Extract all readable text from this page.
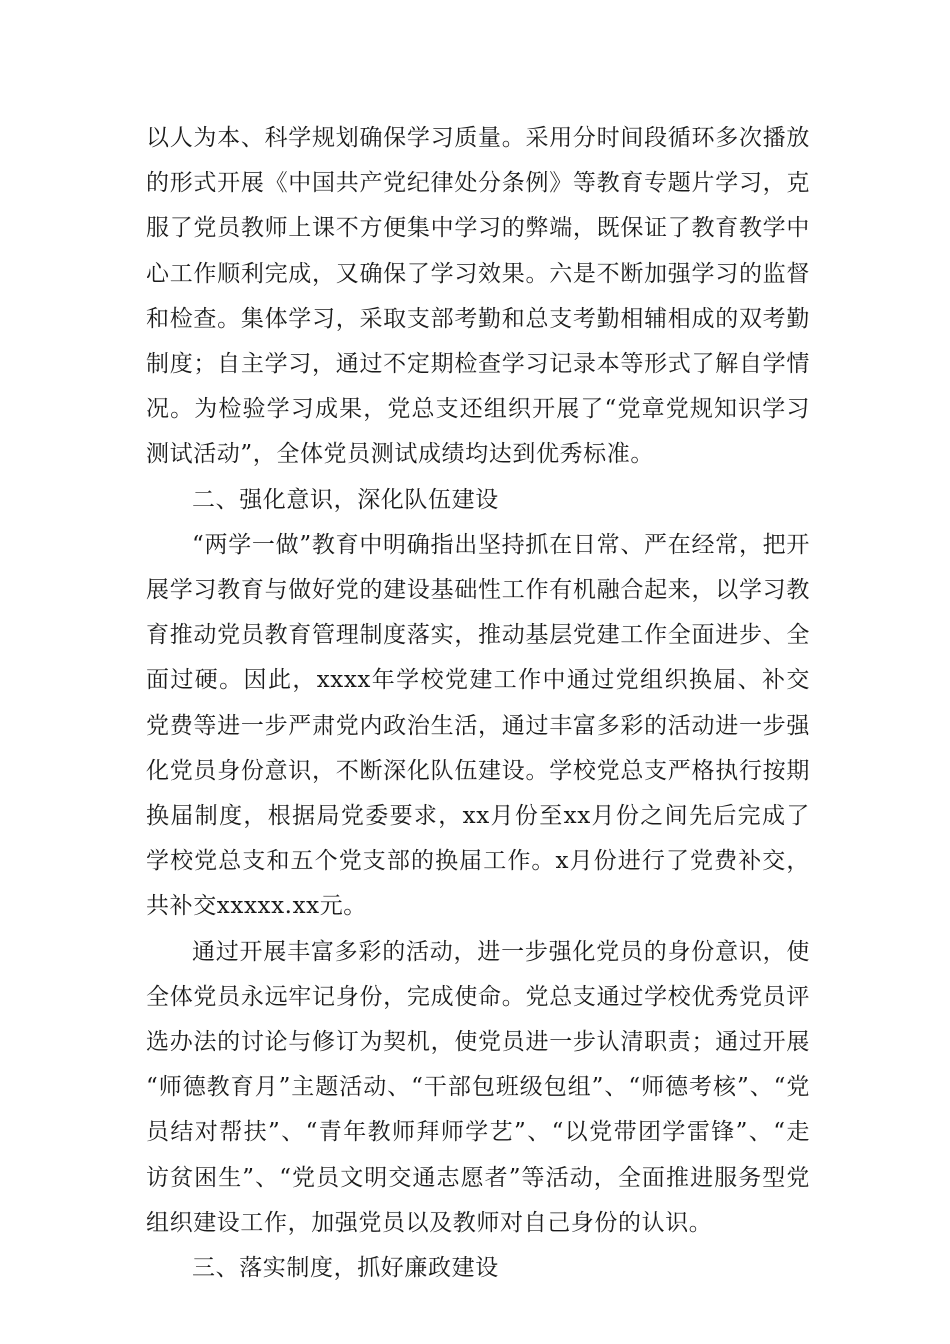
以人为本、科学规划确保学习质量。采用分时间段循环多次播放的形式开展《中国共产党纪律处分条例》等教育专题片学习，克服了党员教师上课不方便集中学习的弊端，既保证了教育教学中心工作顺利完成，又确保了学习效果。六是不断加强学习的监督和检查。集体学习，采取支部考勤和总支考勤相辅相成的双考勤制度；自主学习，通过不定期检查学习记录本等形式了解自学情况。为检验学习成果，党总支还组织开展了“党章党规知识学习测试活动”，全体党员测试成绩均达到优秀标准。

二、强化意识，深化队伍建设

“两学一做”教育中明确指出坚持抓在日常、严在经常，把开展学习教育与做好党的建设基础性工作有机融合起来，以学习教育推动党员教育管理制度落实，推动基层党建工作全面进步、全面过硬。因此，xxxx年学校党建工作中通过党组织换届、补交党费等进一步严肃党内政治生活，通过丰富多彩的活动进一步强化党员身份意识，不断深化队伍建设。学校党总支严格执行按期换届制度，根据局党委要求，xx月份至xx月份之间先后完成了学校党总支和五个党支部的换届工作。x月份进行了党费补交，共补交xxxxx.xx元。

通过开展丰富多彩的活动，进一步强化党员的身份意识，使全体党员永远牢记身份，完成使命。党总支通过学校优秀党员评选办法的讨论与修订为契机，使党员进一步认清职责；通过开展 “师德教育月”主题活动、“干部包班级包组”、“师德考核”、“党员结对帮扶”、“青年教师拜师学艺”、“以党带团学雷锋”、“走访贫困生”、“党员文明交通志愿者”等活动，全面推进服务型党组织建设工作，加强党员以及教师对自己身份的认识。

三、落实制度，抓好廉政建设
